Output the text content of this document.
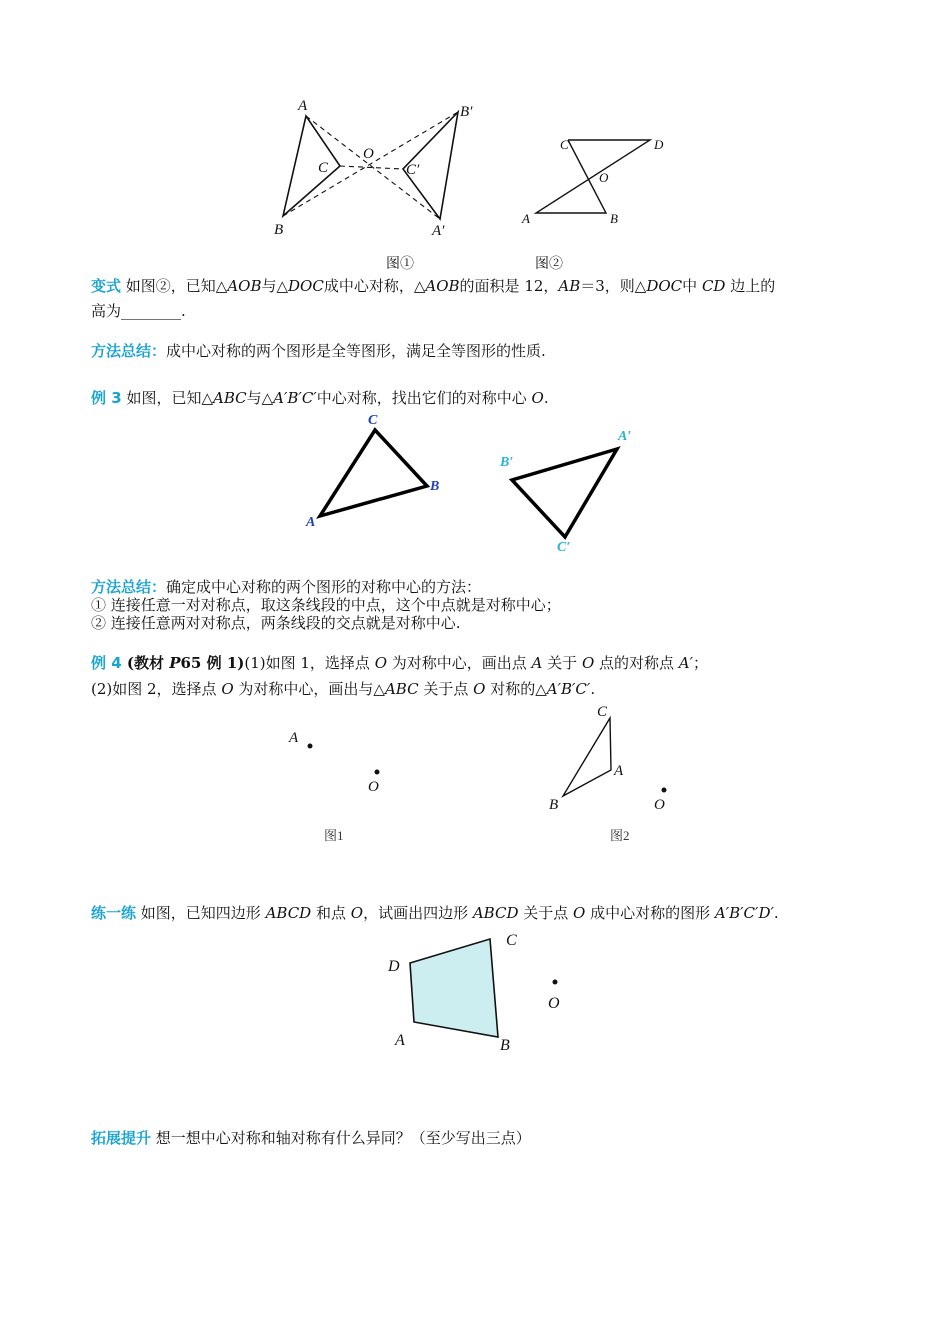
A
B
C
O
B′
C′
A′
C	D
O
A	B
图①	图②
变式 如图②，已知△AOB与△DOC成中心对称，△AOB的面积是 12，AB＝3，则△DOC中 CD 边上的
高为________.
方法总结：成中心对称的两个图形是全等图形，满足全等图形的性质.
例 3 如图，已知△ABC与△A′B′C′中心对称，找出它们的对称中心 O.
C
B
A
A′
B′
C′
方法总结：确定成中心对称的两个图形的对称中心的方法：
① 连接任意一对对称点，取这条线段的中点，这个中点就是对称中心；
② 连接任意两对对称点，两条线段的交点就是对称中心.
例 4 (教材 P65 例 1)(1)如图 1，选择点 O 为对称中心，画出点 A 关于 O 点的对称点 A′；
(2)如图 2，选择点 O 为对称中心，画出与△ABC 关于点 O 对称的△A′B′C′.
A
O
图1
C
A
B	O
图2
练一练 如图，已知四边形 ABCD 和点 O，试画出四边形 ABCD 关于点 O 成中心对称的图形 A′B′C′D′.
D
C
O
A	B
拓展提升 想一想中心对称和轴对称有什么异同？（至少写出三点）
